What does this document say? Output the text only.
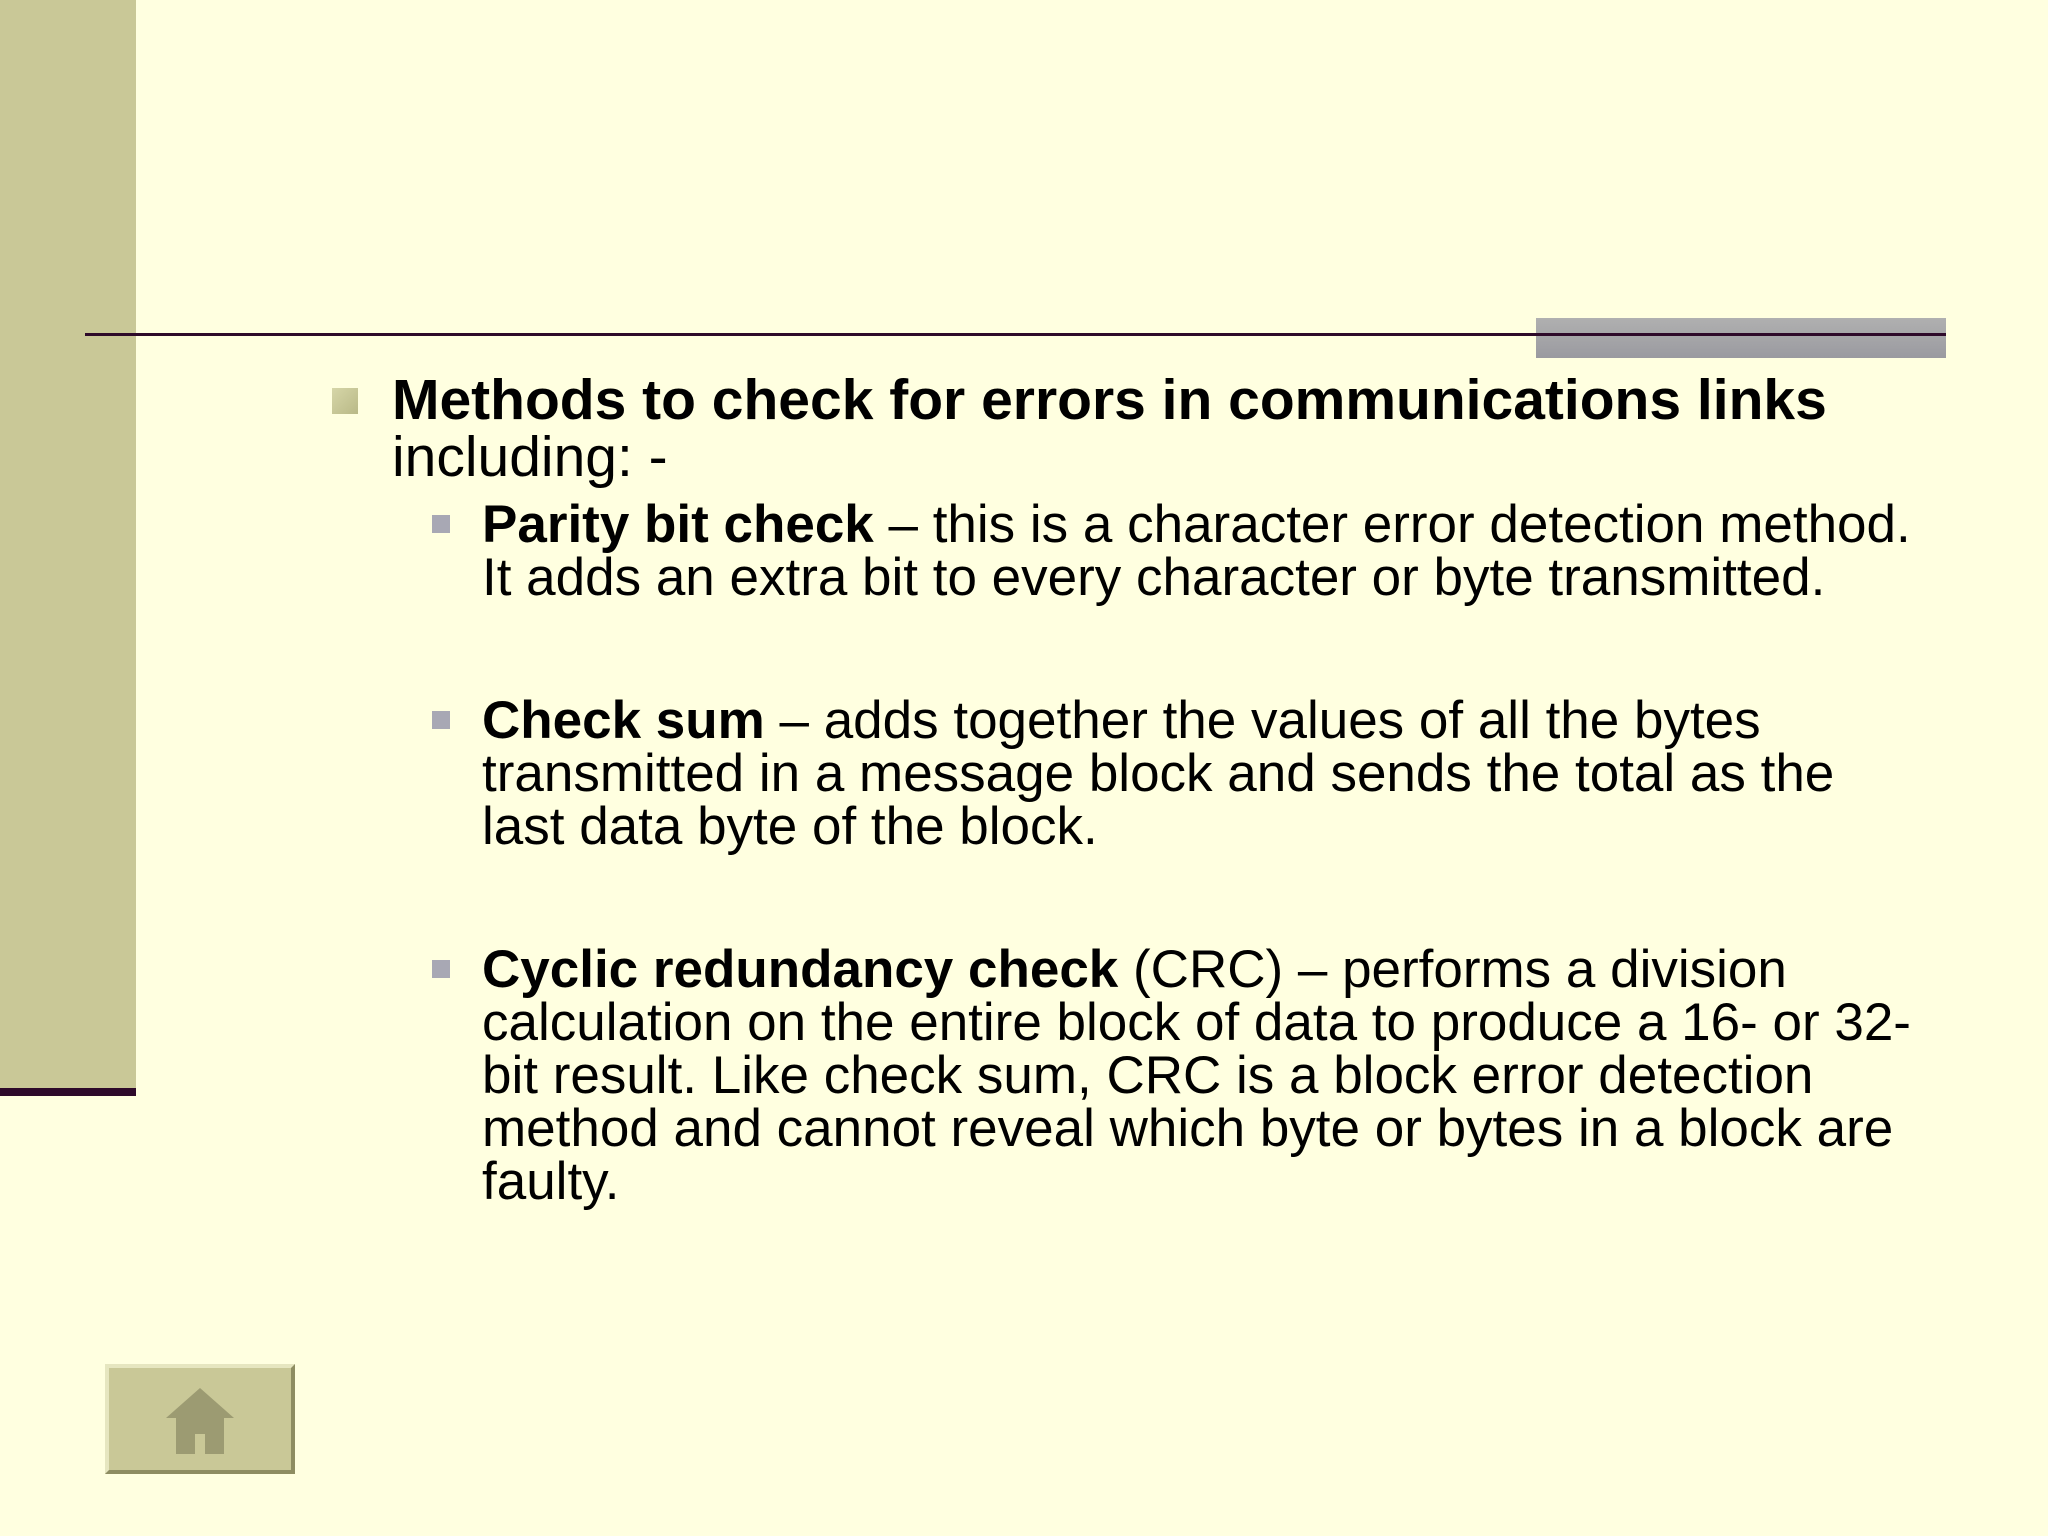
Methods to check for errors in communications links including: -
Parity bit check – this is a character error detection method. It adds an extra bit to every character or byte transmitted.
Check sum – adds together the values of all the bytes transmitted in a message block and sends the total as the last data byte of the block.
Cyclic redundancy check (CRC) – performs a division calculation on the entire block of data to produce a 16- or 32- bit result. Like check sum, CRC is a block error detection method and cannot reveal which byte or bytes in a block are faulty.
